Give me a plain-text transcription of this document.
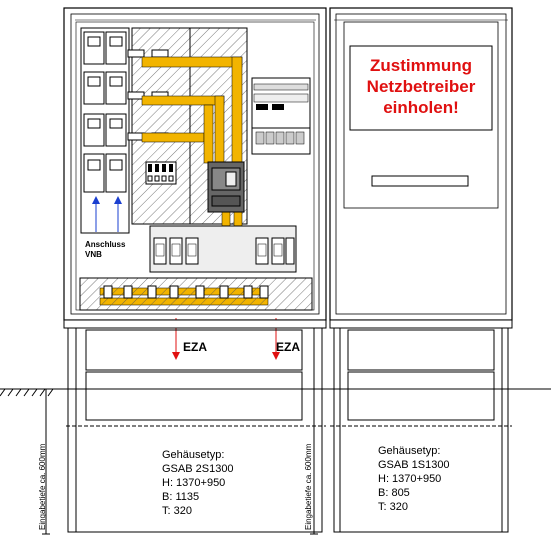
Zustimmung
Netzbetreiber
einholen!
Anschluss
VNB
EZA	EZA
Eingabetiefe ca. 600mm	Eingabetiefe ca. 600mm
Gehäusetyp:
GSAB 2S1300
H: 1370+950
B: 1135
T: 320
Gehäusetyp:
GSAB 1S1300
H: 1370+950
B: 805
T: 320
